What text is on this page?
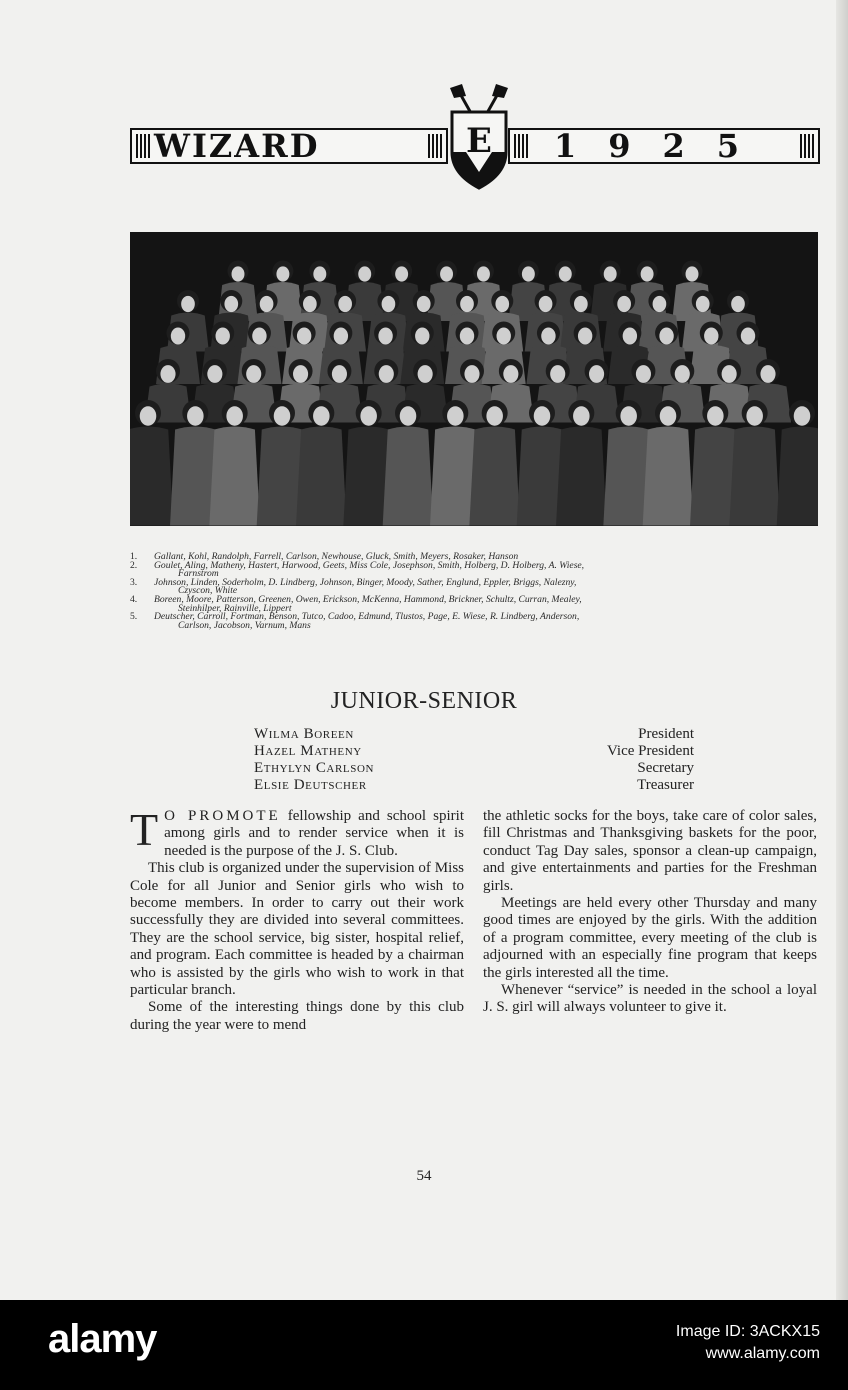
WIZARD	1925
E
1.	Gallant, Kohl, Randolph, Farrell, Carlson, Newhouse, Gluck, Smith, Meyers, Rosaker, Hanson
2.	Goulet, Aling, Matheny, Hastert, Harwood, Geets, Miss Cole, Josephson, Smith, Holberg, D. Holberg, A. Wiese,
Farnstrom
3.	Johnson, Linden, Soderholm, D. Lindberg, Johnson, Binger, Moody, Sather, Englund, Eppler, Briggs, Nalezny,
Czyscon, White
4.	Boreen, Moore, Patterson, Greenen, Owen, Erickson, McKenna, Hammond, Brickner, Schultz, Curran, Mealey,
Steinhilper, Rainville, Lippert
5.	Deutscher, Carroll, Fortman, Benson, Tutco, Cadoo, Edmund, Tlustos, Page, E. Wiese, R. Lindberg, Anderson,
Carlson, Jacobson, Varnum, Mans
JUNIOR-SENIOR
Wilma Boreen	President
Hazel Matheny	Vice President
Ethylyn Carlson	Secretary
Elsie Deutscher	Treasurer

T O PROMOTE fellowship and school spirit among girls and to render service when it is needed is the purpose of the J. S. Club.

This club is organized under the supervision of Miss Cole for all Junior and Senior girls who wish to become members. In order to carry out their work successfully they are divided into several committees. They are the school service, big sister, hospital relief, and program. Each committee is headed by a chairman who is assisted by the girls who wish to work in that particular branch.

Some of the interesting things done by this club during the year were to mend

the athletic socks for the boys, take care of color sales, fill Christmas and Thanksgiving baskets for the poor, conduct Tag Day sales, sponsor a clean-up campaign, and give entertainments and parties for the Freshman girls.

Meetings are held every other Thursday and many good times are enjoyed by the girls. With the addition of a program committee, every meeting of the club is adjourned with an especially fine program that keeps the girls interested all the time.

Whenever “service” is needed in the school a loyal J. S. girl will always volunteer to give it.

54
alamy	Image ID: 3ACKX15
www.alamy.com
